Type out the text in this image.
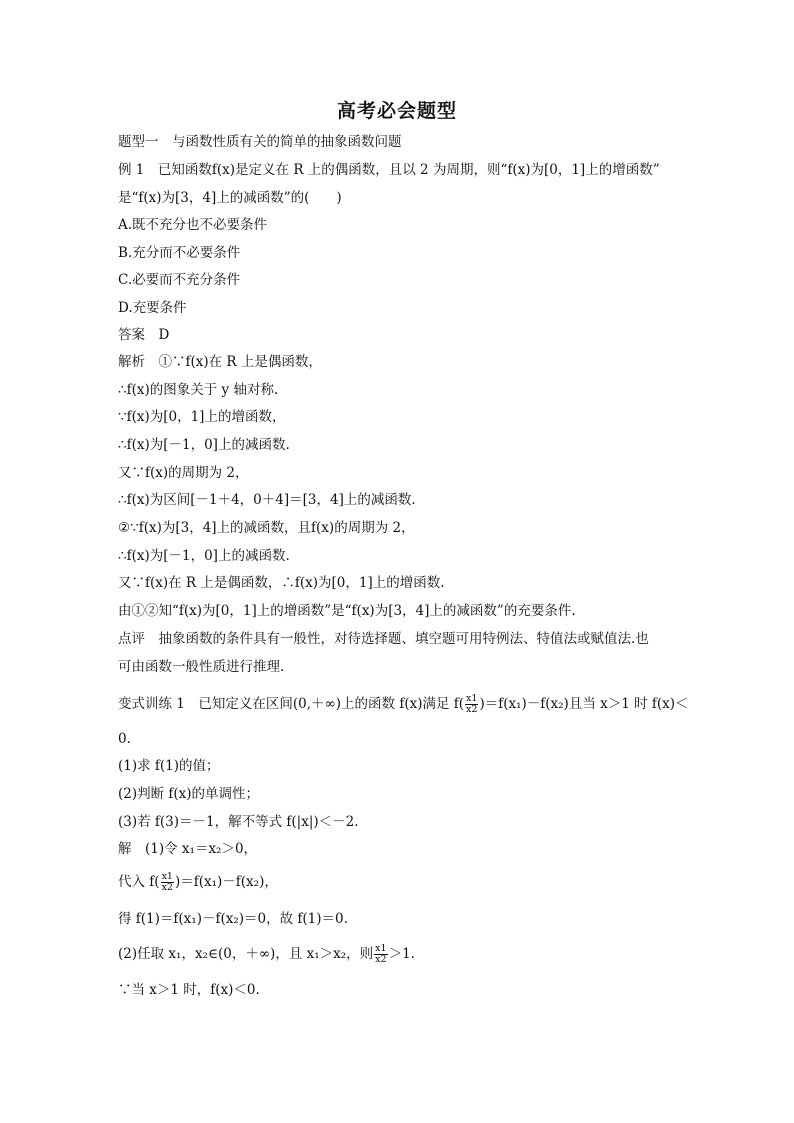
高考必会题型
题型一　与函数性质有关的简单的抽象函数问题
例 1　已知函数f(x)是定义在 R 上的偶函数，且以 2 为周期，则“f(x)为[0，1]上的增函数”
是“f(x)为[3，4]上的减函数”的(　　)
A.既不充分也不必要条件
B.充分而不必要条件
C.必要而不充分条件
D.充要条件
答案　D
解析　①∵f(x)在 R 上是偶函数，
∴f(x)的图象关于 y 轴对称.
∵f(x)为[0，1]上的增函数，
∴f(x)为[－1，0]上的减函数.
又∵f(x)的周期为 2，
∴f(x)为区间[－1＋4，0＋4]＝[3，4]上的减函数.
②∵f(x)为[3，4]上的减函数，且f(x)的周期为 2，
∴f(x)为[－1，0]上的减函数.
又∵f(x)在 R 上是偶函数，∴f(x)为[0，1]上的增函数.
由①②知“f(x)为[0，1]上的增函数”是“f(x)为[3，4]上的减函数”的充要条件.
点评　抽象函数的条件具有一般性，对待选择题、填空题可用特例法、特值法或赋值法.也
可由函数一般性质进行推理.
变式训练 1　已知定义在区间(0,＋∞)上的函数 f(x)满足 $f( \frac{x1}{x2} )=f(x_1)-f(x_2)$且当 x＞1 时 f(x)＜
0.
(1)求 f(1)的值；
(2)判断 f(x)的单调性；
(3)若 f(3)＝－1，解不等式 f(|x|)＜－2.
解　(1)令 x₁＝x₂＞0，
代入 $f( \frac{x1}{x2} )=f(x_1)-f(x_2)$，
得 f(1)＝f(x₁)－f(x₂)＝0，故 f(1)＝0.
(2)任取 x₁，x₂∈(0，＋∞)，且 x₁＞x₂，则 $\frac{x1}{x2} >1$.
∵当 x＞1 时，f(x)＜0.
